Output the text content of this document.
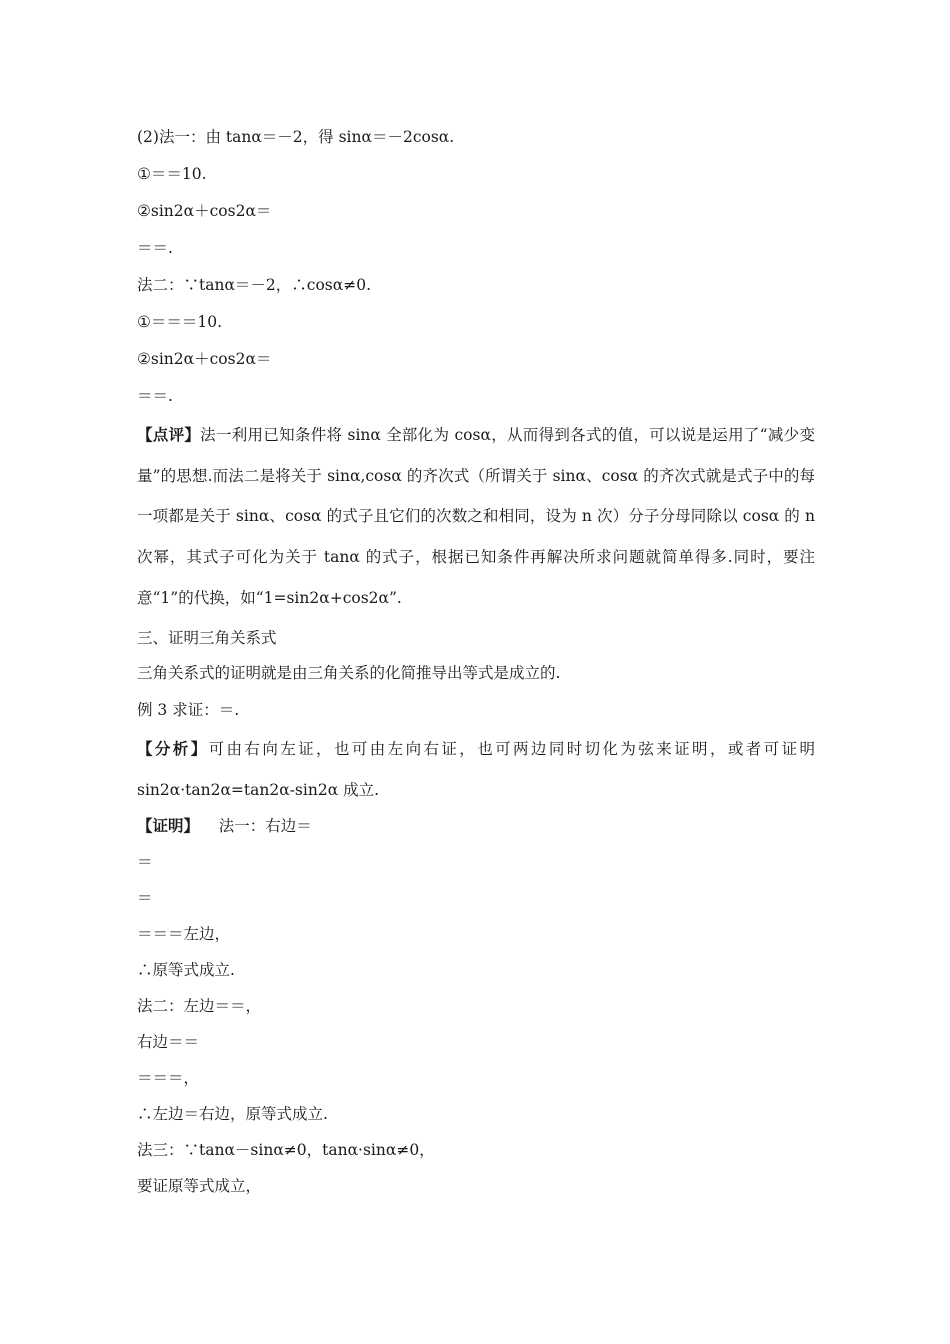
(2)法一：由 tanα＝－2，得 sinα＝－2cosα.
①＝＝10.
②sin2α＋cos2α＝
＝＝.
法二：∵tanα＝－2，∴cosα≠0.
①＝＝＝10.
②sin2α＋cos2α＝
＝＝.
【点评】法一利用已知条件将 sinα 全部化为 cosα，从而得到各式的值，可以说是运用了“减少变量”的思想.而法二是将关于 sinα,cosα 的齐次式（所谓关于 sinα、cosα 的齐次式就是式子中的每一项都是关于 sinα、cosα 的式子且它们的次数之和相同，设为 n 次）分子分母同除以 cosα 的 n 次幂，其式子可化为关于 tanα 的式子，根据已知条件再解决所求问题就简单得多.同时，要注意“1”的代换，如“1=sin2α+cos2α”.
三、证明三角关系式
三角关系式的证明就是由三角关系的化简推导出等式是成立的.
例 3 求证：＝.
【分析】可由右向左证，也可由左向右证，也可两边同时切化为弦来证明，或者可证明 sin2α·tan2α=tan2α-sin2α 成立.
【证明】    法一：右边＝
＝
＝
＝＝＝左边，
∴原等式成立.
法二：左边＝＝，
右边＝＝
＝＝＝，
∴左边＝右边，原等式成立.
法三：∵tanα－sinα≠0，tanα·sinα≠0，
要证原等式成立，
